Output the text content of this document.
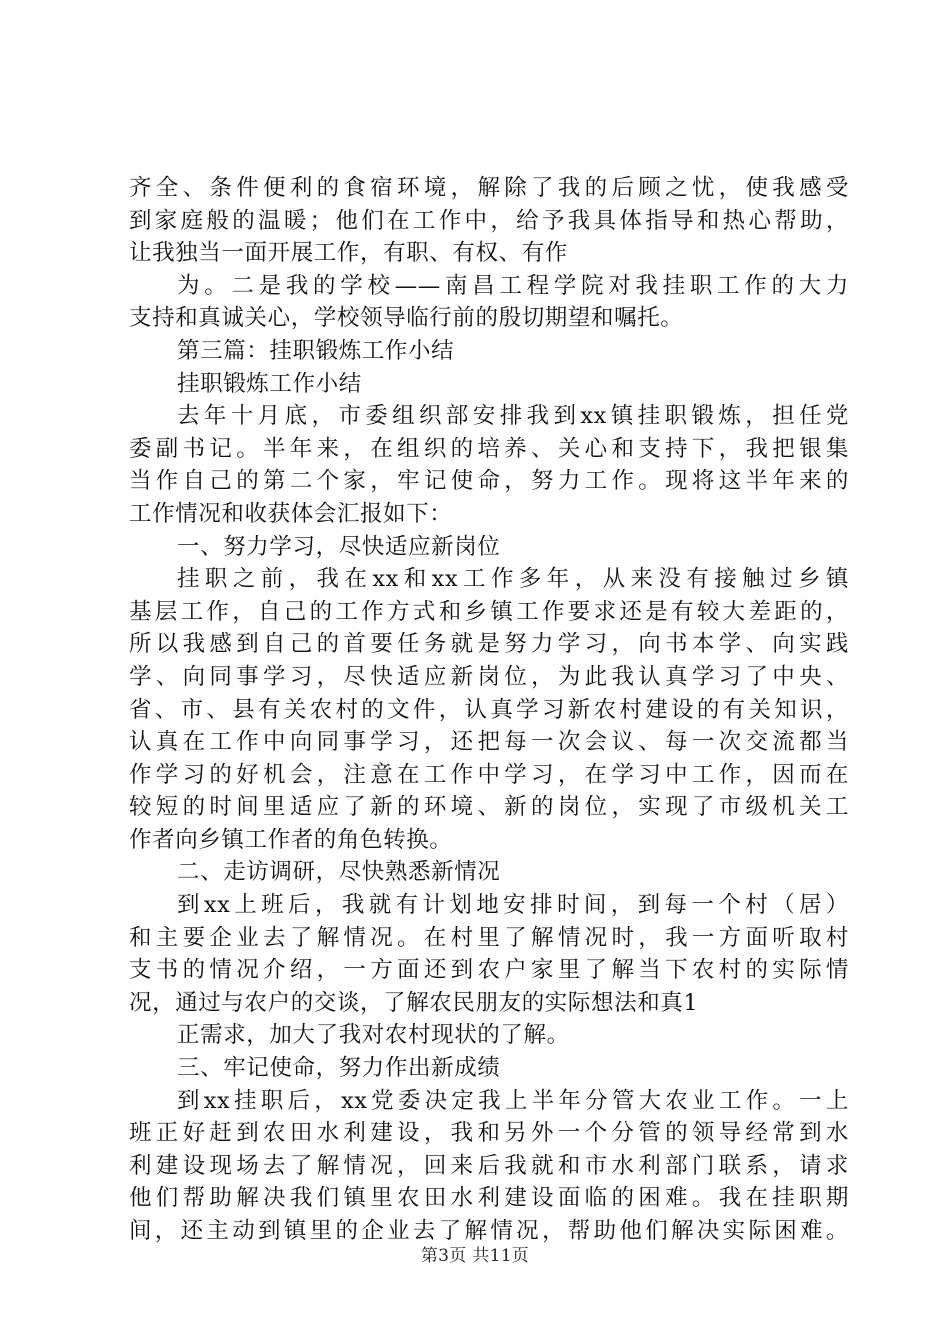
齐全、条件便利的食宿环境，解除了我的后顾之忧，使我感受
到家庭般的温暖；他们在工作中，给予我具体指导和热心帮助，
让我独当一面开展工作，有职、有权、有作
为。二是我的学校——南昌工程学院对我挂职工作的大力
支持和真诚关心，学校领导临行前的殷切期望和嘱托。
第三篇：挂职锻炼工作小结
挂职锻炼工作小结
去年十月底，市委组织部安排我到xx镇挂职锻炼，担任党
委副书记。半年来，在组织的培养、关心和支持下，我把银集
当作自己的第二个家，牢记使命，努力工作。现将这半年来的
工作情况和收获体会汇报如下：
一、努力学习，尽快适应新岗位
挂职之前，我在xx和xx工作多年，从来没有接触过乡镇
基层工作，自己的工作方式和乡镇工作要求还是有较大差距的，
所以我感到自己的首要任务就是努力学习，向书本学、向实践
学、向同事学习，尽快适应新岗位，为此我认真学习了中央、
省、市、县有关农村的文件，认真学习新农村建设的有关知识，
认真在工作中向同事学习，还把每一次会议、每一次交流都当
作学习的好机会，注意在工作中学习，在学习中工作，因而在
较短的时间里适应了新的环境、新的岗位，实现了市级机关工
作者向乡镇工作者的角色转换。
二、走访调研，尽快熟悉新情况
到xx上班后，我就有计划地安排时间，到每一个村（居）
和主要企业去了解情况。在村里了解情况时，我一方面听取村
支书的情况介绍，一方面还到农户家里了解当下农村的实际情
况，通过与农户的交谈，了解农民朋友的实际想法和真1
正需求，加大了我对农村现状的了解。
三、牢记使命，努力作出新成绩
到xx挂职后，xx党委决定我上半年分管大农业工作。一上
班正好赶到农田水利建设，我和另外一个分管的领导经常到水
利建设现场去了解情况，回来后我就和市水利部门联系，请求
他们帮助解决我们镇里农田水利建设面临的困难。我在挂职期
间，还主动到镇里的企业去了解情况，帮助他们解决实际困难。
第3页 共11页
